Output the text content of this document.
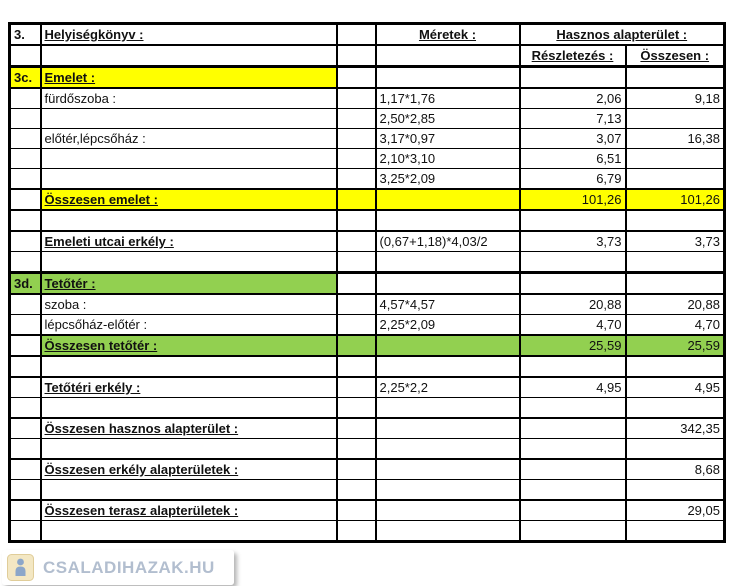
3.	Helyiségkönyv :		Méretek :	Hasznos alapterület :	
				Részletezés :	Összesen :
3c.	Emelet :				
	fürdőszoba :		1,17*1,76	2,06	9,18
			2,50*2,85	7,13	
	előtér,lépcsőház :		3,17*0,97	3,07	16,38
			2,10*3,10	6,51	
			3,25*2,09	6,79	
	Összesen emelet :			101,26	101,26

	Emeleti utcai erkély :		(0,67+1,18)*4,03/2	3,73	3,73

3d.	Tetőtér :				
	szoba :		4,57*4,57	20,88	20,88
	lépcsőház-előtér :		2,25*2,09	4,70	4,70
	Összesen tetőtér :			25,59	25,59

	Tetőtéri erkély :		2,25*2,2	4,95	4,95

	Összesen hasznos alapterület :				342,35

	Összesen erkély alapterületek :				8,68

	Összesen terasz alapterületek :				29,05

CSALADIHAZAK.HU
